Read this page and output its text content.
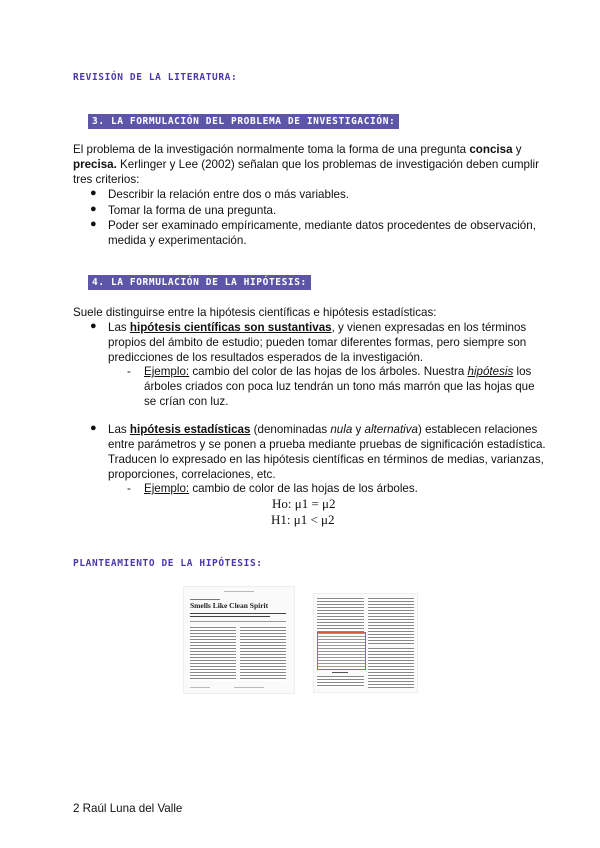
REVISIÓN DE LA LITERATURA:
3. LA FORMULACIÓN DEL PROBLEMA DE INVESTIGACIÓN:
El problema de la investigación normalmente toma la forma de una pregunta concisa y
precisa. Kerlinger y Lee (2002) señalan que los problemas de investigación deben cumplir
tres criterios:
● Describir la relación entre dos o más variables.
● Tomar la forma de una pregunta.
● Poder ser examinado empíricamente, mediante datos procedentes de observación,
medida y experimentación.
4. LA FORMULACIÓN DE LA HIPÓTESIS:
Suele distinguirse entre la hipótesis científicas e hipótesis estadísticas:
● Las hipótesis científicas son sustantivas, y vienen expresadas en los términos
propios del ámbito de estudio; pueden tomar diferentes formas, pero siempre son
predicciones de los resultados esperados de la investigación.
- Ejemplo: cambio del color de las hojas de los árboles. Nuestra hipótesis los
árboles criados con poca luz tendrán un tono más marrón que las hojas que
se crían con luz.
● Las hipótesis estadísticas (denominadas nula y alternativa) establecen relaciones
entre parámetros y se ponen a prueba mediante pruebas de significación estadística.
Traducen lo expresado en las hipótesis científicas en términos de medias, varianzas,
proporciones, correlaciones, etc.
- Ejemplo: cambio de color de las hojas de los árboles.
Ho: μ1 = μ2
H1: μ1 < μ2
PLANTEAMIENTO DE LA HIPÓTESIS:
Smells Like Clean Spirit
2 Raúl Luna del Valle
